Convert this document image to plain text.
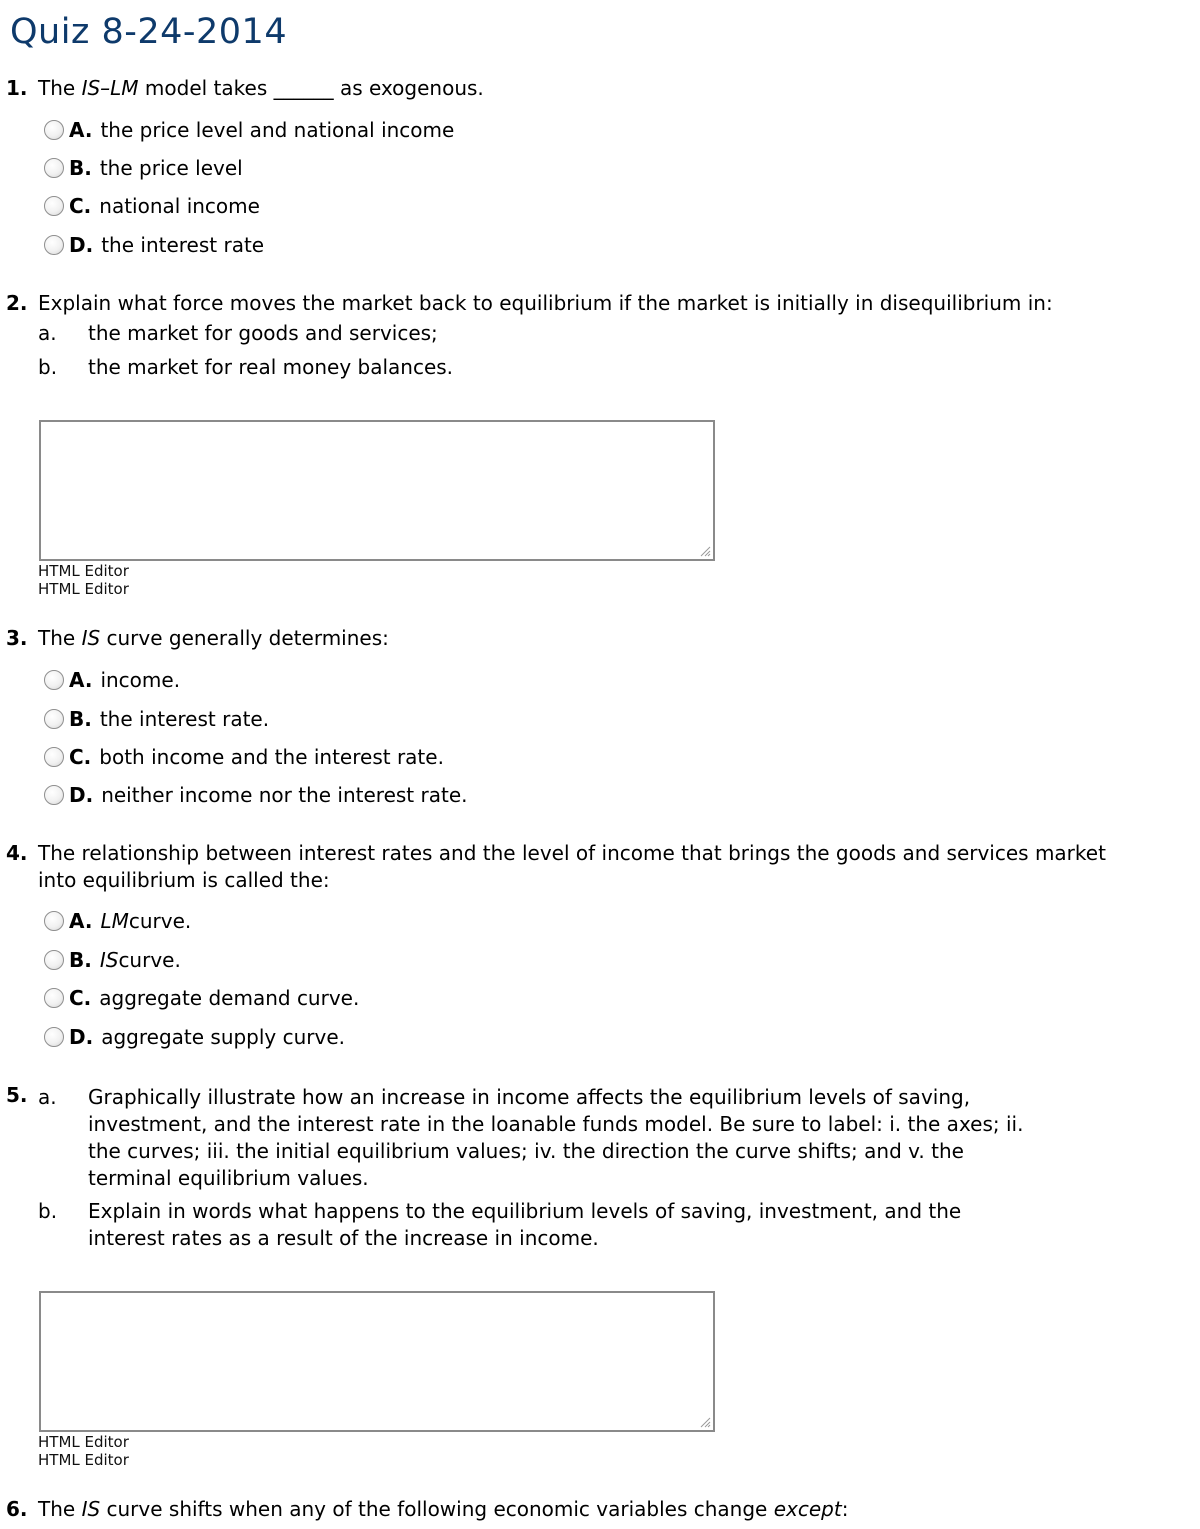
Quiz 8-24-2014
1. The IS–LM model takes ______ as exogenous.
A. the price level and national income
B. the price level
C. national income
D. the interest rate
2. Explain what force moves the market back to equilibrium if the market is initially in disequilibrium in:
a.	the market for goods and services;
b.	the market for real money balances.
HTML Editor
HTML Editor
3. The IS curve generally determines:
A. income.
B. the interest rate.
C. both income and the interest rate.
D. neither income nor the interest rate.
4. The relationship between interest rates and the level of income that brings the goods and services market into equilibrium is called the:
A. LM curve.
B. IS curve.
C. aggregate demand curve.
D. aggregate supply curve.
5. a.	Graphically illustrate how an increase in income affects the equilibrium levels of saving, investment, and the interest rate in the loanable funds model. Be sure to label: i. the axes; ii. the curves; iii. the initial equilibrium values; iv. the direction the curve shifts; and v. the terminal equilibrium values.
b.	Explain in words what happens to the equilibrium levels of saving, investment, and the interest rates as a result of the increase in income.
HTML Editor
HTML Editor
6. The IS curve shifts when any of the following economic variables change except:
